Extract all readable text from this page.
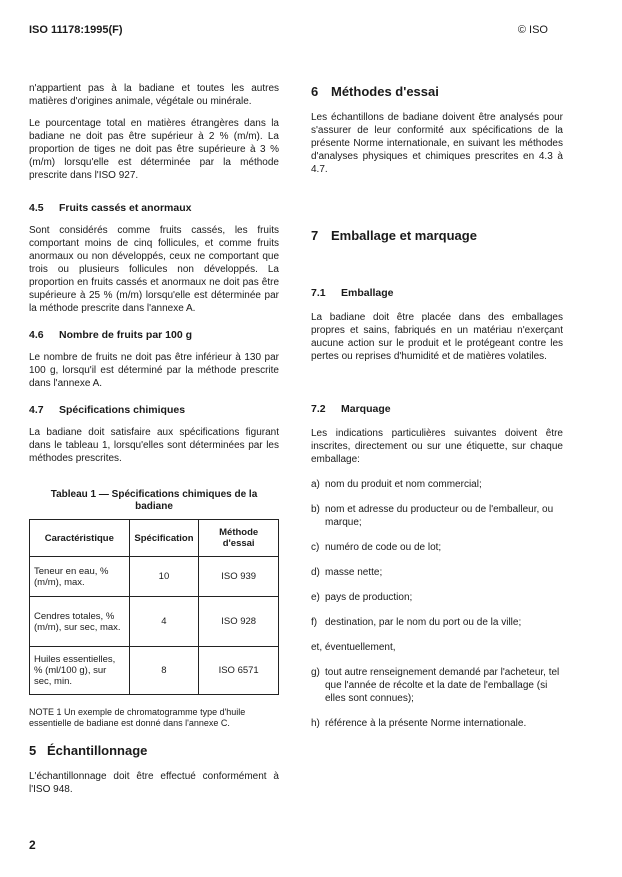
ISO 11178:1995(F)	© ISO

n'appartient pas à la badiane et toutes les autres matières d'origines animale, végétale ou minérale.

Le pourcentage total en matières étrangères dans la badiane ne doit pas être supérieur à 2 % (m/m). La proportion de tiges ne doit pas être supérieure à 3 % (m/m) lorsqu'elle est déterminée par la méthode prescrite dans l'ISO 927.

4.5 Fruits cassés et anormaux

Sont considérés comme fruits cassés, les fruits comportant moins de cinq follicules, et comme fruits anormaux ou non développés, ceux ne comportant que trois ou plusieurs follicules non développés. La proportion en fruits cassés et anormaux ne doit pas être supérieure à 25 % (m/m) lorsqu'elle est déterminée par la méthode prescrite dans l'annexe A.

4.6 Nombre de fruits par 100 g

Le nombre de fruits ne doit pas être inférieur à 130 par 100 g, lorsqu'il est déterminé par la méthode prescrite dans l'annexe A.

4.7 Spécifications chimiques

La badiane doit satisfaire aux spécifications figurant dans le tableau 1, lorsqu'elles sont déterminées par les méthodes prescrites.

Tableau 1 — Spécifications chimiques de la badiane
Caractéristique	Spécification	Méthode d'essai
Teneur en eau, % (m/m), max.	10	ISO 939
Cendres totales, % (m/m), sur sec, max.	4	ISO 928
Huiles essentielles, % (ml/100 g), sur sec, min.	8	ISO 6571

NOTE 1 Un exemple de chromatogramme type d'huile essentielle de badiane est donné dans l'annexe C.

5 Échantillonnage

L'échantillonnage doit être effectué conformément à l'ISO 948.

6 Méthodes d'essai

Les échantillons de badiane doivent être analysés pour s'assurer de leur conformité aux spécifications de la présente Norme internationale, en suivant les méthodes d'analyses physiques et chimiques prescrites en 4.3 à 4.7.

7 Emballage et marquage
7.1 Emballage

La badiane doit être placée dans des emballages propres et sains, fabriqués en un matériau n'exerçant aucune action sur le produit et le protégeant contre les pertes ou reprises d'humidité et de matières volatiles.

7.2 Marquage

Les indications particulières suivantes doivent être inscrites, directement ou sur une étiquette, sur chaque emballage:

a) nom du produit et nom commercial;
b) nom et adresse du producteur ou de l'emballeur, ou marque;
c) numéro de code ou de lot;
d) masse nette;
e) pays de production;
f) destination, par le nom du port ou de la ville;

et, éventuellement,

g) tout autre renseignement demandé par l'acheteur, tel que l'année de récolte et la date de l'emballage (si elles sont connues);
h) référence à la présente Norme internationale.
2
